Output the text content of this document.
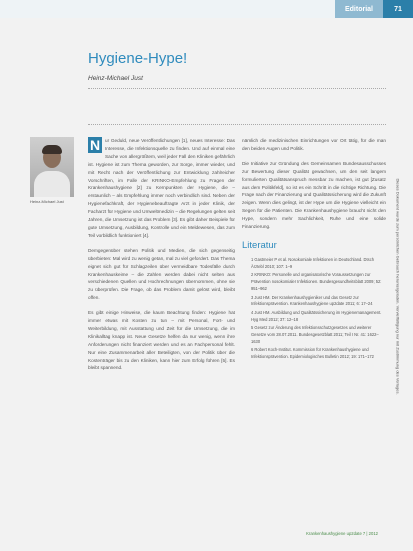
Editorial	71
Hygiene-Hype!
Heinz-Michael Just
Heinz-Michael Just

N	ur Geduld, neue Veröffentlichungen [1], neues Interesse: Das Interesse, die Infektionsquelle zu finden. Und auf einmal eine Sache von allergrößtem, weil jeder Fall den Kliniken gefährlich ist. Hygiene ist zum Thema geworden, zur Sorge, immer wieder, und mit Recht nach der Veröffentlichung zur Entwicklung zahlreicher Vorschriften, im Falle der KRINKO-Empfehlung zu Fragen der Krankenhaushygiene [2] zu Kernpunkten der Hygiene, die – erstaunlich – als Empfehlung immer noch verbindlich sind. Neben der Hygienefachkraft, der Hygienebeauftragte Arzt in jeder Klinik, der Facharzt für Hygiene und Umweltmedizin – die Regelungen gelten seit Jahren, die Umsetzung ist das Problem [3]. Es gibt daher Beispiele für gute Umsetzung, Ausbildung, Kontrolle und ein Meldewesen, das zum Teil vorbildlich funktioniert [4].

Demgegenüber stehen Politik und Medien, die sich gegenseitig überbieten: Mal wird zu wenig getan, mal zu viel gefordert. Das Thema eignet sich gut für Schlagzeilen über vermeidbare Todesfälle durch Krankenhauskeime – die Zahlen werden dabei nicht selten aus verschiedenen Quellen und Hochrechnungen übernommen, ohne sie zu überprüfen. Die Frage, ob das Problem damit gelöst wird, bleibt offen.

Es gibt einige Hinweise, die kaum Beachtung finden: Hygiene hat immer etwas mit Kosten zu tun – mit Personal, Fort- und Weiterbildung, mit Ausstattung und Zeit für die Umsetzung, die im Klinikalltag knapp ist. Neue Gesetze helfen da nur wenig, wenn ihre Anforderungen nicht finanziert werden und es an Fachpersonal fehlt. Nur eine Zusammenarbeit aller Beteiligten, von der Politik über die Kostenträger bis zu den Kliniken, kann hier zum Erfolg führen [5]. Es bleibt spannend.

nämlich die medizinischen Einrichtungen vor Ort tätig, für die man den beiden Augen und Politik.

Die Initiative zur Gründung des Gemeinsamen Bundesausschusses zur Bewertung dieser Qualität gewachsen, um den seit langem formulierten Qualitätsanspruch messbar zu machen, ist gut [Zusatz aus dem Politikfeld], so ist es ein Schritt in die richtige Richtung. Die Frage nach der Finanzierung und Qualitätssicherung wird die Zukunft zeigen. Wenn dies gelingt, ist der Hype um die Hygiene vielleicht ein Segen für die Patienten. Die Krankenhaushygiene braucht nicht den Hype, sondern mehr Sachlichkeit, Ruhe und eine solide Finanzierung.

Literatur
1 Gastmeier P et al. Nosokomiale Infektionen in Deutschland. Dtsch Ärztebl 2010; 107: 1–9
2 KRINKO: Personelle und organisatorische Voraussetzungen zur Prävention nosokomialer Infektionen. Bundesgesundheitsblatt 2009; 52: 951–962
3 Just HM. Der Krankenhaushygieniker und das Gesetz zur Infektionsprävention. Krankenhaushygiene up2date 2011; 6: 17–24
4 Just HM. Ausbildung und Qualitätssicherung im Hygienemanagement. Hyg Med 2012; 37: 12–18
5 Gesetz zur Änderung des Infektionsschutzgesetzes und weiterer Gesetze vom 28.07.2011. Bundesgesetzblatt 2011; Teil I Nr. 41: 1622–1630
6 Robert Koch-Institut. Kommission für Krankenhaushygiene und Infektionsprävention. Epidemiologisches Bulletin 2012; 19: 171–172	Dieses Dokument wurde zum persönlichen Gebrauch heruntergeladen. Vervielfältigung nur mit Zustimmung des Verlages.
Krankenhaushygiene up2date 7 | 2012
